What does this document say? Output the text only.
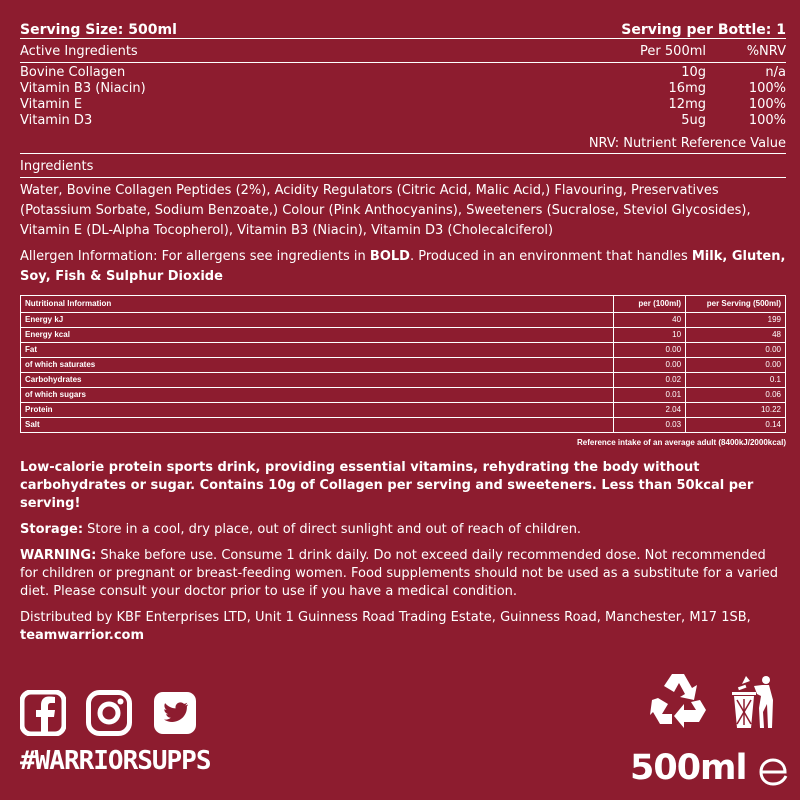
Serving Size: 500ml	Serving per Bottle: 1
Active Ingredients	Per 500ml	%NRV
Bovine Collagen	10g	n/a
Vitamin B3 (Niacin)	16mg	100%
Vitamin E	12mg	100%
Vitamin D3	5ug	100%
NRV: Nutrient Reference Value
Ingredients
Water, Bovine Collagen Peptides (2%), Acidity Regulators (Citric Acid, Malic Acid,) Flavouring, Preservatives (Potassium Sorbate, Sodium Benzoate,) Colour (Pink Anthocyanins), Sweeteners (Sucralose, Steviol Glycosides), Vitamin E (DL-Alpha Tocopherol), Vitamin B3 (Niacin), Vitamin D3 (Cholecalciferol)
Allergen Information: For allergens see ingredients in BOLD. Produced in an environment that handles Milk, Gluten, Soy, Fish & Sulphur Dioxide
Nutritional Information	per (100ml)	per Serving (500ml)
Energy kJ	40	199
Energy kcal	10	48
Fat	0.00	0.00
of which saturates	0.00	0.00
Carbohydrates	0.02	0.1
of which sugars	0.01	0.06
Protein	2.04	10.22
Salt	0.03	0.14
Reference intake of an average adult (8400kJ/2000kcal)
Low-calorie protein sports drink, providing essential vitamins, rehydrating the body without carbohydrates or sugar. Contains 10g of Collagen per serving and sweeteners. Less than 50kcal per serving!
Storage: Store in a cool, dry place, out of direct sunlight and out of reach of children.
WARNING: Shake before use. Consume 1 drink daily. Do not exceed daily recommended dose. Not recommended for children or pregnant or breast-feeding women. Food supplements should not be used as a substitute for a varied diet. Please consult your doctor prior to use if you have a medical condition.
Distributed by KBF Enterprises LTD, Unit 1 Guinness Road Trading Estate, Guinness Road, Manchester, M17 1SB,
teamwarrior.com
#WARRIORSUPPS	500ml
